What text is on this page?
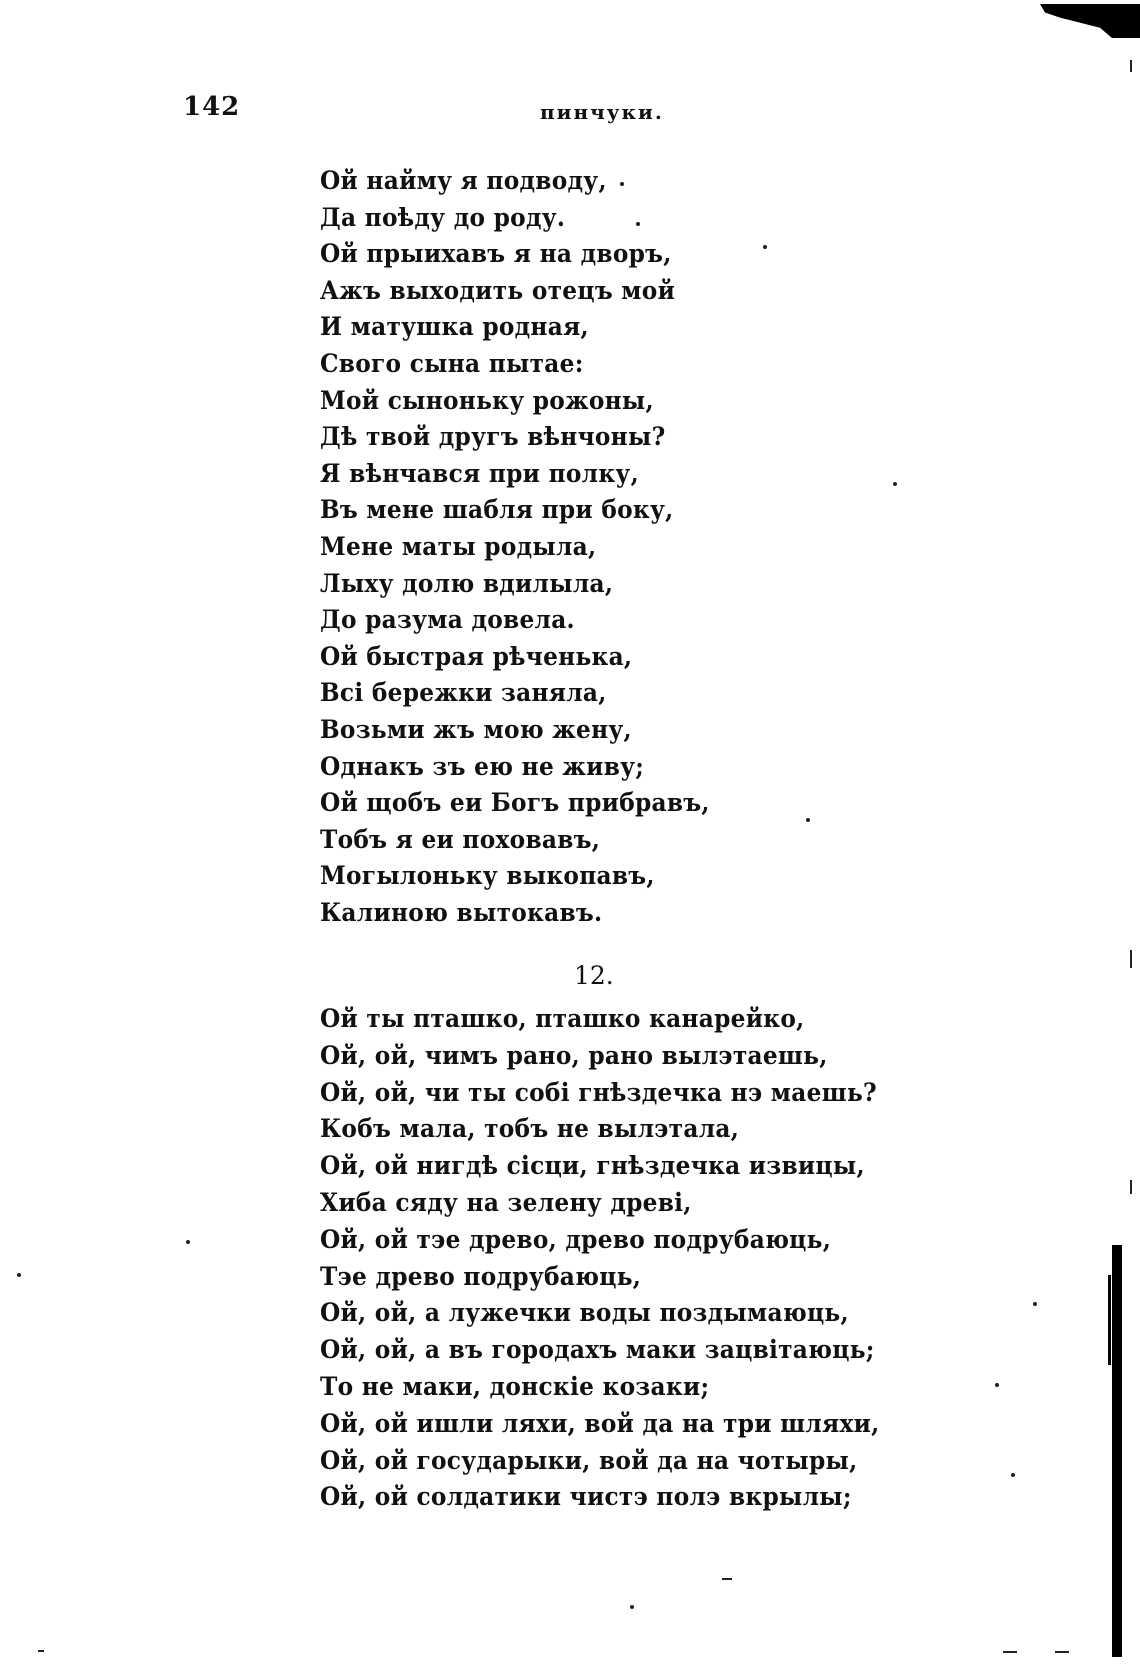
142	пинчуки.
Ой найму я подводу,
Да поѣду до роду.
Ой прыихавъ я на дворъ,
Ажъ выходить отецъ мой
И матушка родная,
Свого сына пытае:
Мой сыноньку рожоны,
Дѣ твой другъ вѣнчоны?
Я вѣнчався при полку,
Въ мене шабля при боку,
Мене маты родыла,
Лыху долю вдилыла,
До разума довела.
Ой быстрая рѣченька,
Всі бережки заняла,
Возьми жъ мою жену,
Однакъ зъ ею не живу;
Ой щобъ еи Богъ прибравъ,
Тобъ я еи поховавъ,
Могылоньку выкопавъ,
Калиною вытокавъ.
12.
Ой ты пташко, пташко канарейко,
Ой, ой, чимъ рано, рано вылэтаешь,
Ой, ой, чи ты собі гнѣздечка нэ маешь?
Кобъ мала, тобъ не вылэтала,
Ой, ой нигдѣ сісци, гнѣздечка извицы,
Хиба сяду на зелену древі,
Ой, ой тэе древо, древо подрубаюць,
Тэе древо подрубаюць,
Ой, ой, а лужечки воды поздымаюць,
Ой, ой, а въ городахъ маки зацвітаюць;
То не маки, донскіе козаки;
Ой, ой ишли ляхи, вой да на три шляхи,
Ой, ой государыки, вой да на чотыры,
Ой, ой солдатики чистэ полэ вкрылы;
